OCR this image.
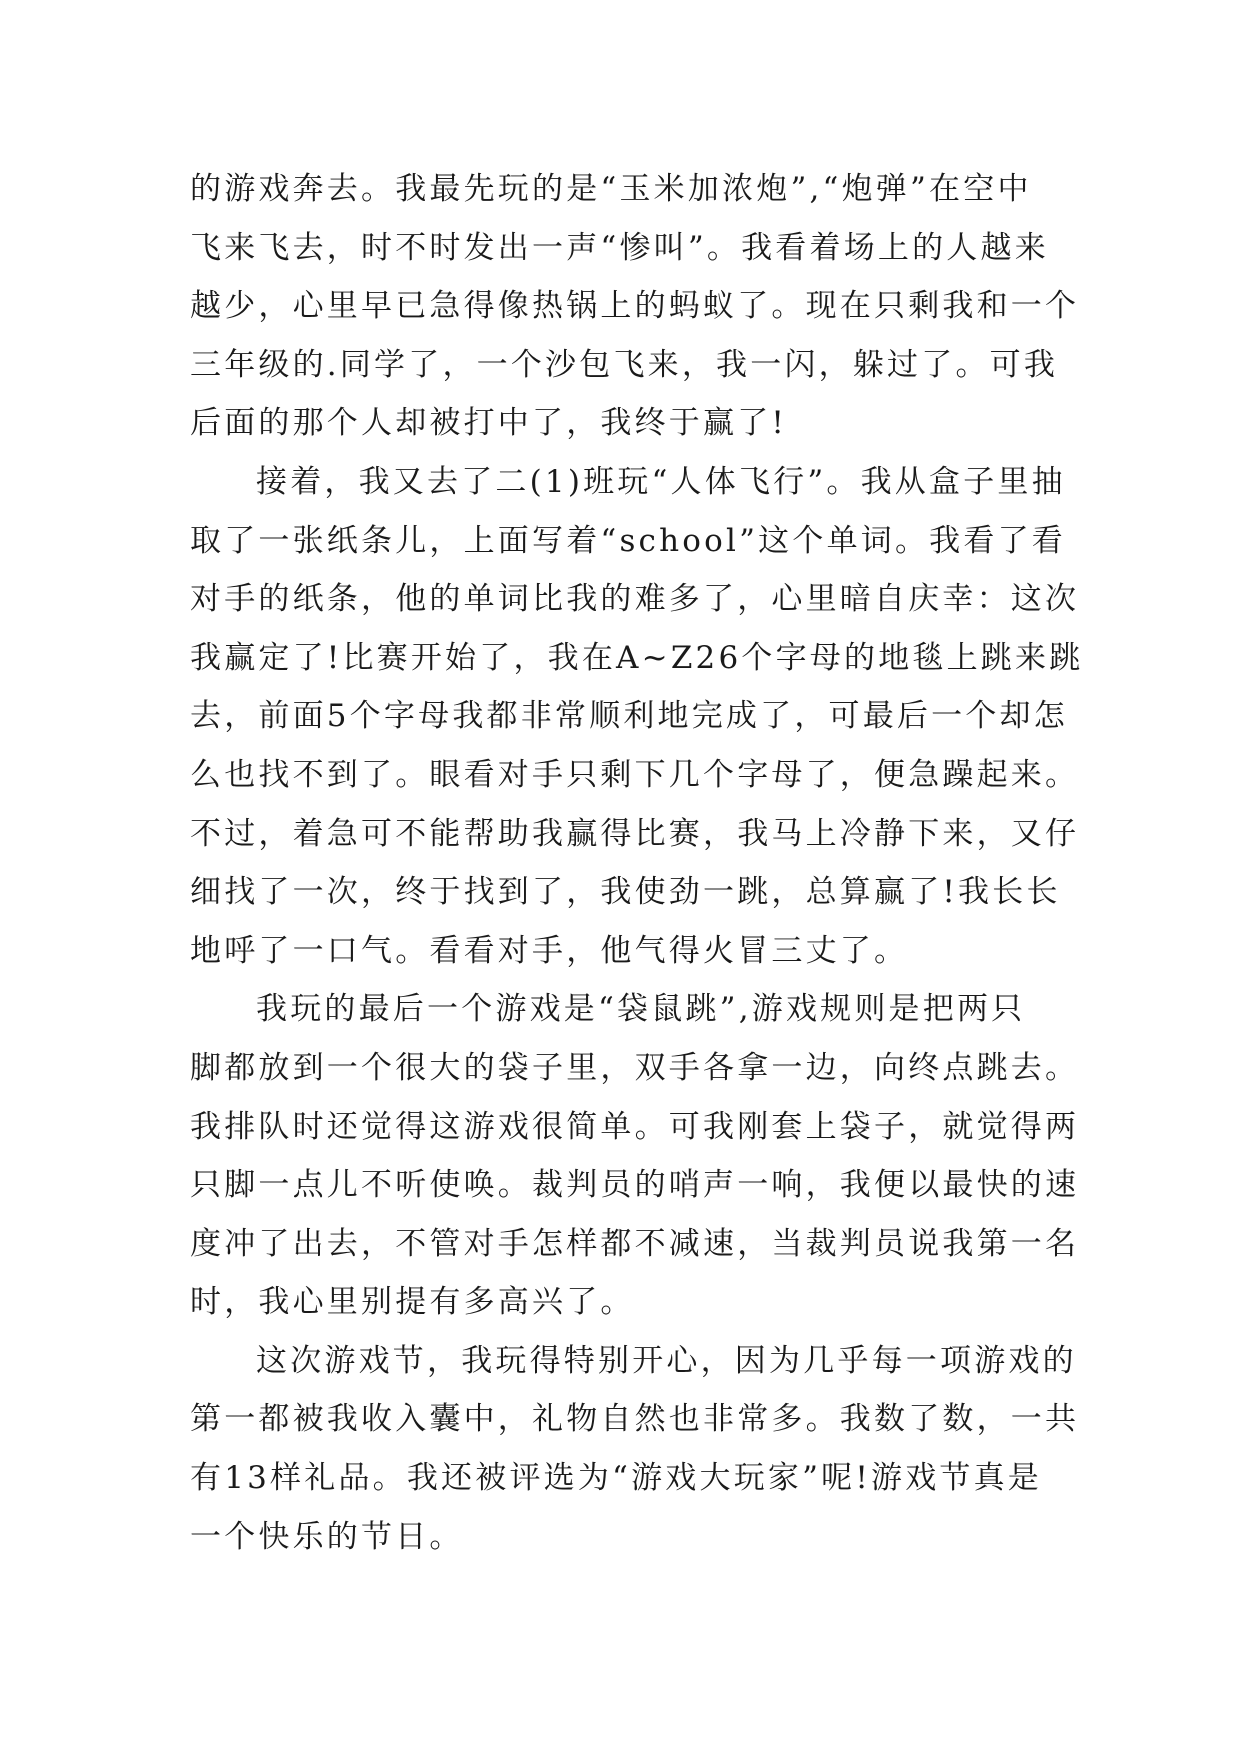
的游戏奔去。我最先玩的是“玉米加浓炮”,“炮弹”在空中
飞来飞去，时不时发出一声“惨叫”。我看着场上的人越来
越少，心里早已急得像热锅上的蚂蚁了。现在只剩我和一个
三年级的.同学了，一个沙包飞来，我一闪，躲过了。可我
后面的那个人却被打中了，我终于赢了!
接着，我又去了二(1)班玩“人体飞行”。我从盒子里抽
取了一张纸条儿，上面写着“school”这个单词。我看了看
对手的纸条，他的单词比我的难多了，心里暗自庆幸：这次
我赢定了!比赛开始了，我在A~Z26个字母的地毯上跳来跳
去，前面5个字母我都非常顺利地完成了，可最后一个却怎
么也找不到了。眼看对手只剩下几个字母了，便急躁起来。
不过，着急可不能帮助我赢得比赛，我马上冷静下来，又仔
细找了一次，终于找到了，我使劲一跳，总算赢了!我长长
地呼了一口气。看看对手，他气得火冒三丈了。
我玩的最后一个游戏是“袋鼠跳”,游戏规则是把两只
脚都放到一个很大的袋子里，双手各拿一边，向终点跳去。
我排队时还觉得这游戏很简单。可我刚套上袋子，就觉得两
只脚一点儿不听使唤。裁判员的哨声一响，我便以最快的速
度冲了出去，不管对手怎样都不减速，当裁判员说我第一名
时，我心里别提有多高兴了。
这次游戏节，我玩得特别开心，因为几乎每一项游戏的
第一都被我收入囊中，礼物自然也非常多。我数了数，一共
有13样礼品。我还被评选为“游戏大玩家”呢!游戏节真是
一个快乐的节日。
